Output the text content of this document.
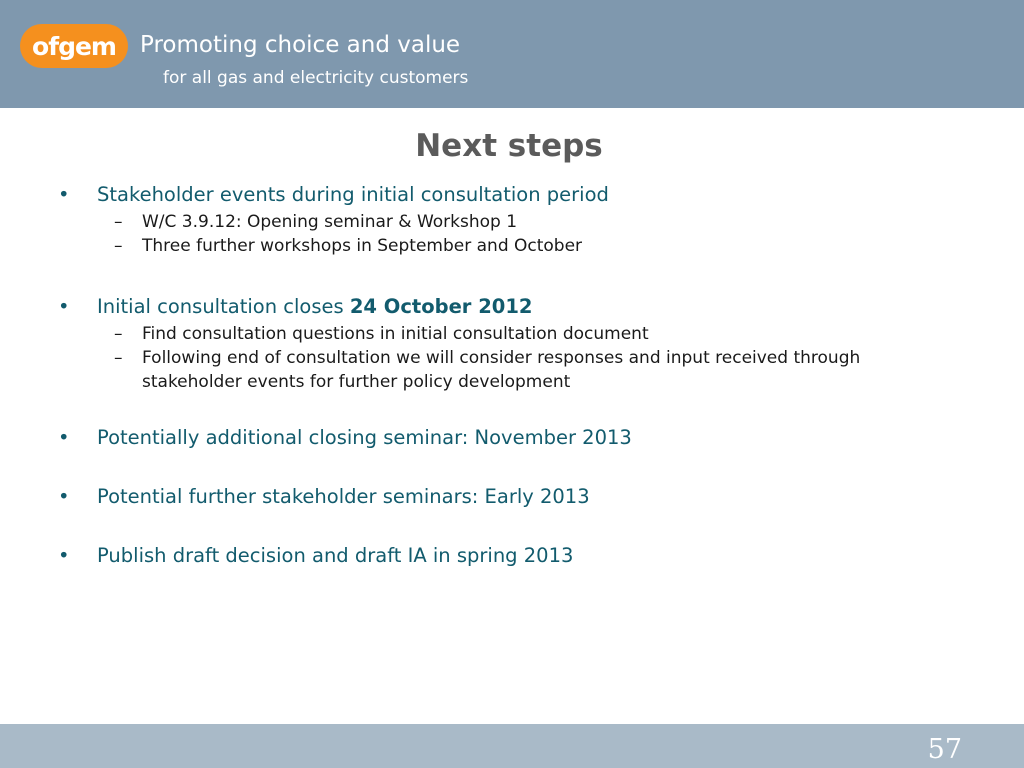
ofgem Promoting choice and value
for all gas and electricity customers
Next steps
•	Stakeholder events during initial consultation period
–	W/C 3.9.12: Opening seminar & Workshop 1
–	Three further workshops in September and October
•	Initial consultation closes 24 October 2012
–	Find consultation questions in initial consultation document
–	Following end of consultation we will consider responses and input received through stakeholder events for further policy development
•	Potentially additional closing seminar: November 2013
•	Potential further stakeholder seminars: Early 2013
•	Publish draft decision and draft IA in spring 2013
57
